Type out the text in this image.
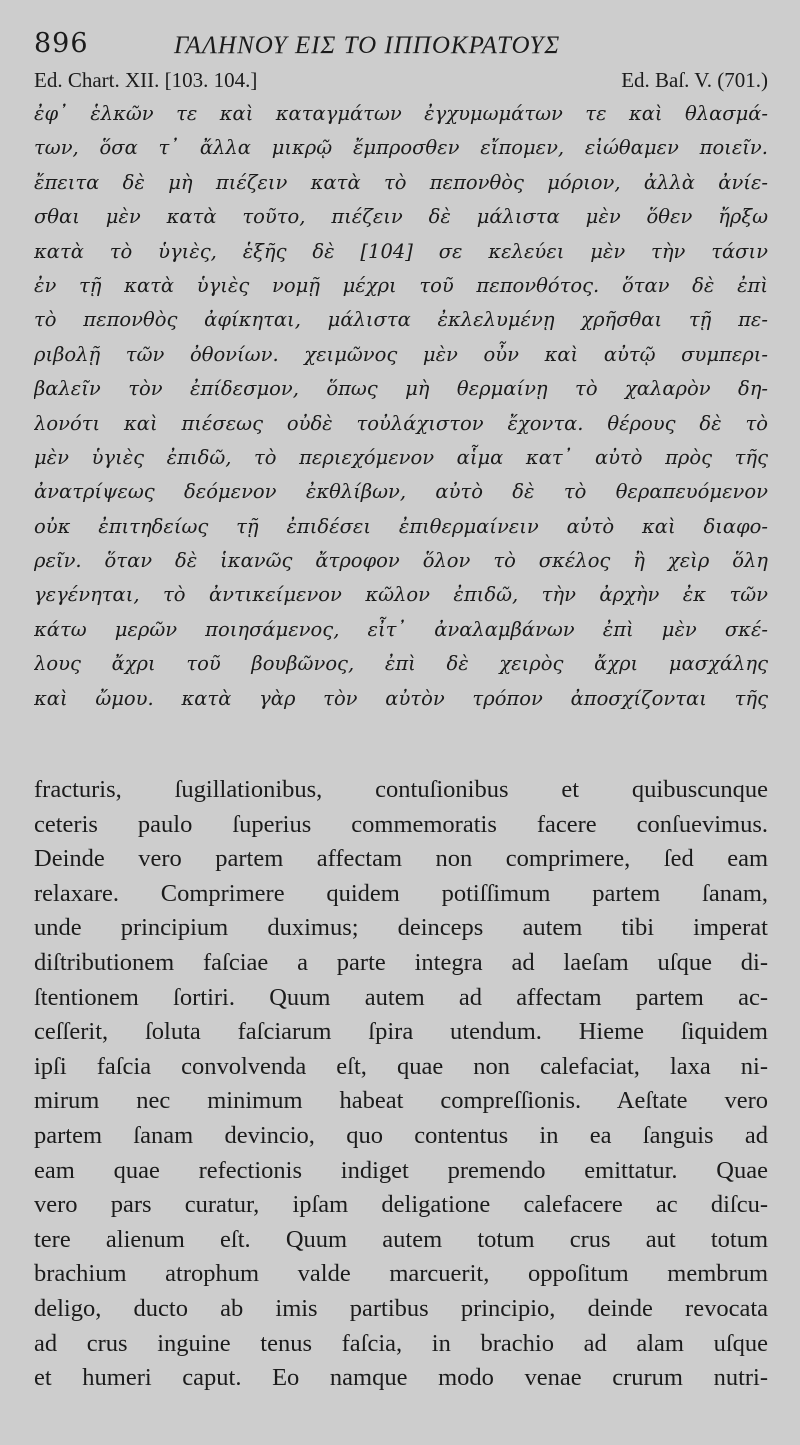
896	ΓΑΛΗΝΟΥ ΕΙΣ ΤΟ ΙΠΠΟΚΡΑΤΟΥΣ
Ed. Chart. XII. [103. 104.]	Ed. Baſ. V. (701.)
ἐφ᾽ ἑλκῶν τε καὶ καταγμάτων ἐγχυμωμάτων τε καὶ θλασμά-
των, ὅσα τ᾽ ἄλλα μικρῷ ἔμπροσθεν εἴπομεν, εἰώθαμεν ποιεῖν.
ἔπειτα δὲ μὴ πιέζειν κατὰ τὸ πεπονθὸς μόριον, ἀλλὰ ἀνίε-
σθαι μὲν κατὰ τοῦτο, πιέζειν δὲ μάλιστα μὲν ὅθεν ἤρξω
κατὰ τὸ ὑγιὲς, ἑξῆς δὲ [104] σε κελεύει μὲν τὴν τάσιν
ἐν τῇ κατὰ ὑγιὲς νομῇ μέχρι τοῦ πεπονθότος. ὅταν δὲ ἐπὶ
τὸ πεπονθὸς ἀφίκηται, μάλιστα ἐκλελυμένῃ χρῆσθαι τῇ πε-
ριβολῇ τῶν ὀθονίων. χειμῶνος μὲν οὖν καὶ αὐτῷ συμπερι-
βαλεῖν τὸν ἐπίδεσμον, ὅπως μὴ θερμαίνῃ τὸ χαλαρὸν δη-
λονότι καὶ πιέσεως οὐδὲ τοὐλάχιστον ἔχοντα. θέρους δὲ τὸ
μὲν ὑγιὲς ἐπιδῶ, τὸ περιεχόμενον αἷμα κατ᾽ αὐτὸ πρὸς τῆς
ἀνατρίψεως δεόμενον ἐκθλίβων, αὐτὸ δὲ τὸ θεραπευόμενον
οὐκ ἐπιτηδείως τῇ ἐπιδέσει ἐπιθερμαίνειν αὐτὸ καὶ διαφο-
ρεῖν. ὅταν δὲ ἱκανῶς ἄτροφον ὅλον τὸ σκέλος ἢ χεὶρ ὅλη
γεγένηται, τὸ ἀντικείμενον κῶλον ἐπιδῶ, τὴν ἀρχὴν ἐκ τῶν
κάτω μερῶν ποιησάμενος, εἶτ᾽ ἀναλαμβάνων ἐπὶ μὲν σκέ-
λους ἄχρι τοῦ βουβῶνος, ἐπὶ δὲ χειρὸς ἄχρι μασχάλης
καὶ ὤμου. κατὰ γὰρ τὸν αὐτὸν τρόπον ἀποσχίζονται τῆς
fracturis, ſugillationibus, contuſionibus et quibuscunque
ceteris paulo ſuperius commemoratis facere conſuevimus.
Deinde vero partem affectam non comprimere, ſed eam
relaxare. Comprimere quidem potiſſimum partem ſanam,
unde principium duximus; deinceps autem tibi imperat
diſtributionem faſciae a parte integra ad laeſam uſque di-
ſtentionem ſortiri. Quum autem ad affectam partem ac-
ceſſerit, ſoluta faſciarum ſpira utendum. Hieme ſiquidem
ipſi faſcia convolvenda eſt, quae non calefaciat, laxa ni-
mirum nec minimum habeat compreſſionis. Aeſtate vero
partem ſanam devincio, quo contentus in ea ſanguis ad
eam quae refectionis indiget premendo emittatur. Quae
vero pars curatur, ipſam deligatione calefacere ac diſcu-
tere alienum eſt. Quum autem totum crus aut totum
brachium atrophum valde marcuerit, oppoſitum membrum
deligo, ducto ab imis partibus principio, deinde revocata
ad crus inguine tenus faſcia, in brachio ad alam uſque
et humeri caput. Eo namque modo venae crurum nutri-
